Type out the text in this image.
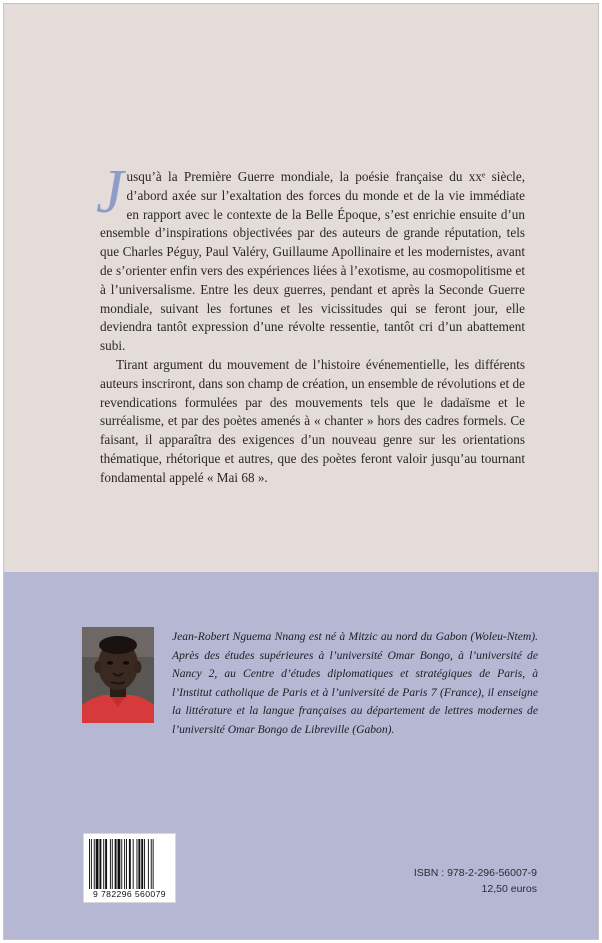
Jusqu’à la Première Guerre mondiale, la poésie française du xxᵉ siècle, d’abord axée sur l’exaltation des forces du monde et de la vie immédiate en rapport avec le contexte de la Belle Époque, s’est enrichie ensuite d’un ensemble d’inspirations objectivées par des auteurs de grande réputation, tels que Charles Péguy, Paul Valéry, Guillaume Apollinaire et les modernistes, avant de s’orienter enfin vers des expériences liées à l’exotisme, au cosmopolitisme et à l’universalisme. Entre les deux guerres, pendant et après la Seconde Guerre mondiale, suivant les fortunes et les vicissitudes qui se feront jour, elle deviendra tantôt expression d’une révolte ressentie, tantôt cri d’un abattement subi.

Tirant argument du mouvement de l’histoire événementielle, les différents auteurs inscriront, dans son champ de création, un ensemble de révolutions et de revendications formulées par des mouvements tels que le dadaïsme et le surréalisme, et par des poètes amenés à « chanter » hors des cadres formels. Ce faisant, il apparaîtra des exigences d’un nouveau genre sur les orientations thématique, rhétorique et autres, que des poètes feront valoir jusqu’au tournant fondamental appelé « Mai 68 ».

Jean-Robert Nguema Nnang est né à Mitzic au nord du Gabon (Woleu-Ntem). Après des études supérieures à l’université Omar Bongo, à l’université de Nancy 2, au Centre d’études diplomatiques et stratégiques de Paris, à l’Institut catholique de Paris et à l’université de Paris 7 (France), il enseigne la littérature et la langue françaises au département de lettres modernes de l’université Omar Bongo de Libreville (Gabon).
9 782296 560079
ISBN : 978-2-296-56007-9
12,50 euros
